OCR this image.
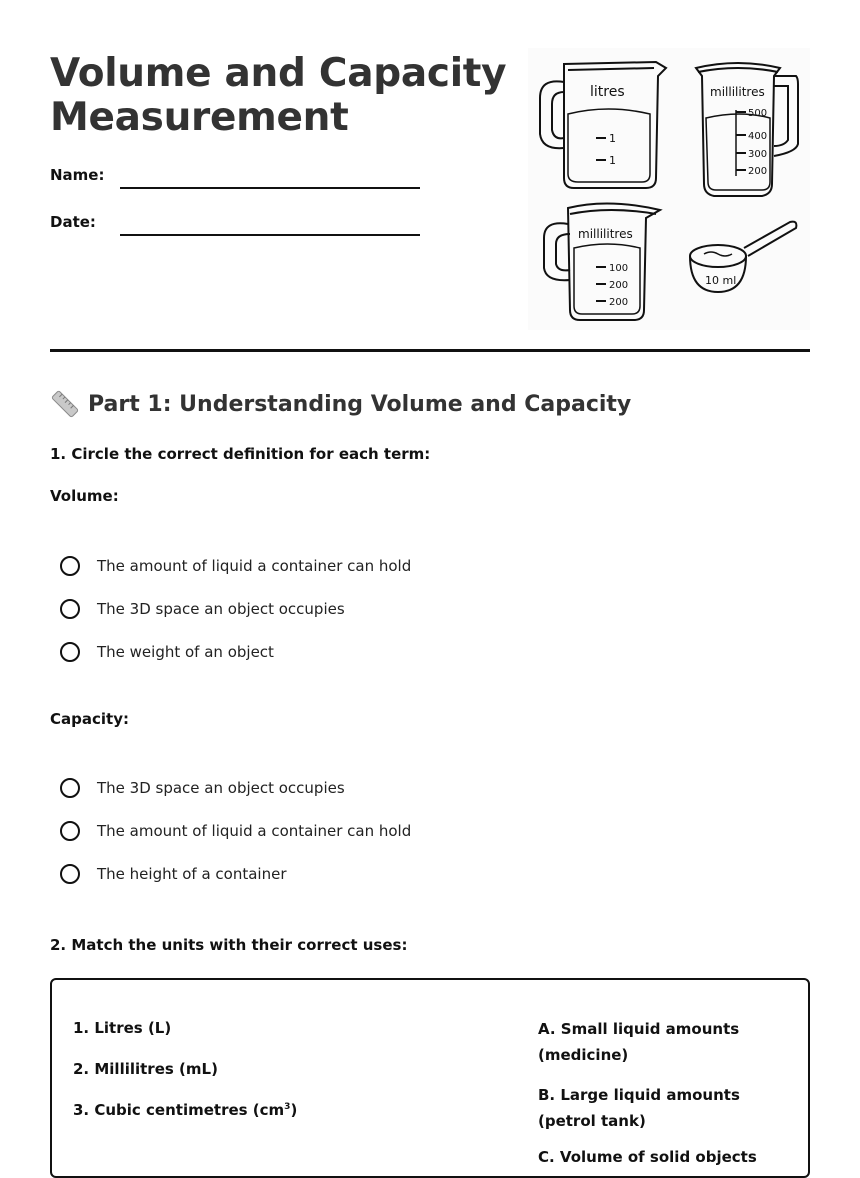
Volume and Capacity Measurement
Name:
Date:
litres
1
1
millilitres
500
400
300
200
millilitres
100
200
200
10 ml
Part 1: Understanding Volume and Capacity
1. Circle the correct definition for each term:
Volume:
The amount of liquid a container can hold
The 3D space an object occupies
The weight of an object
Capacity:
The 3D space an object occupies
The amount of liquid a container can hold
The height of a container
2. Match the units with their correct uses:
1. Litres (L)
2. Millilitres (mL)
3. Cubic centimetres $(cm^3)$
A. Small liquid amounts (medicine)
B. Large liquid amounts (petrol tank)
C. Volume of solid objects
